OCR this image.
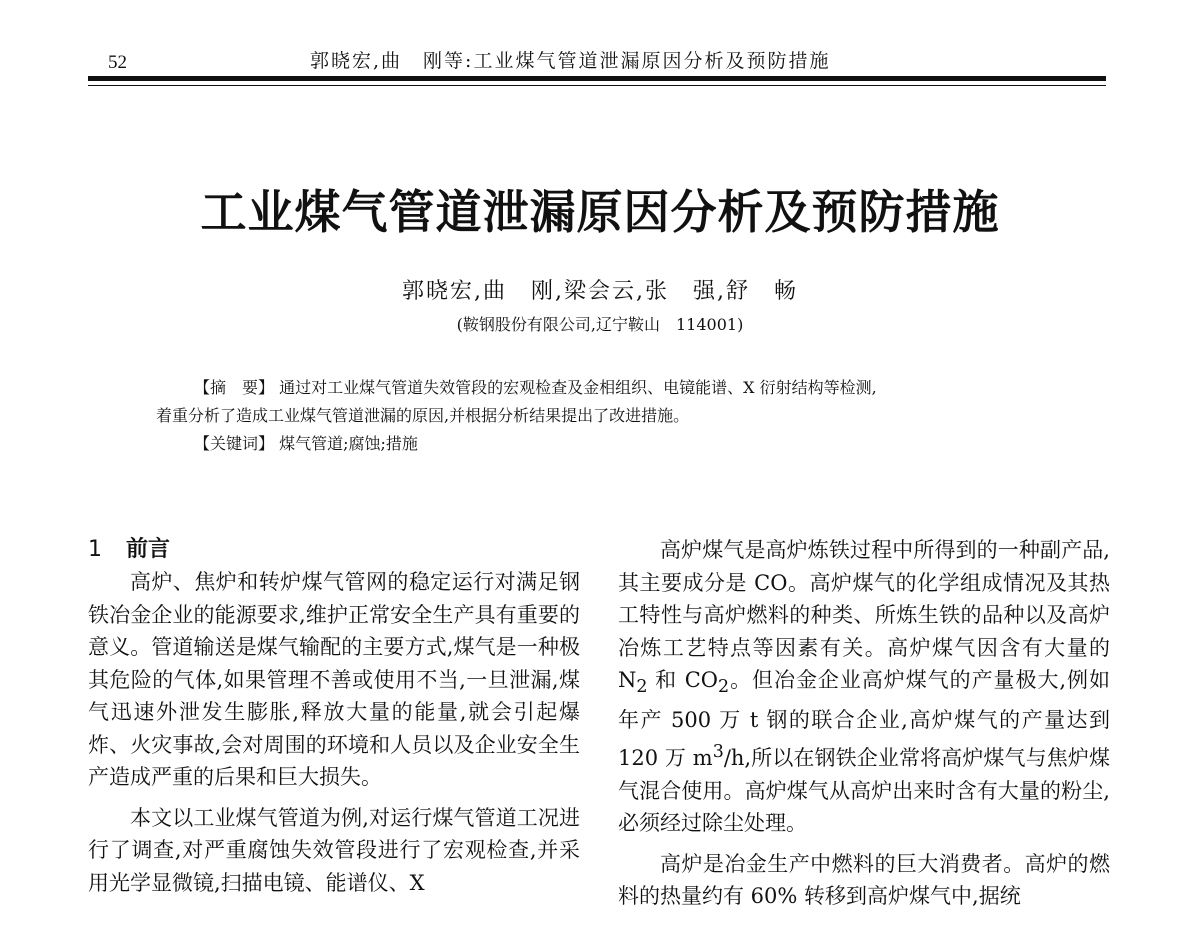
52	郭晓宏,曲　刚等:工业煤气管道泄漏原因分析及预防措施
工业煤气管道泄漏原因分析及预防措施
郭晓宏,曲　刚,梁会云,张　强,舒　畅
(鞍钢股份有限公司,辽宁鞍山　114001)
【摘　要】 通过对工业煤气管道失效管段的宏观检查及金相组织、电镜能谱、X 衍射结构等检测,
着重分析了造成工业煤气管道泄漏的原因,并根据分析结果提出了改进措施。
【关键词】 煤气管道;腐蚀;措施
1 前言
高炉、焦炉和转炉煤气管网的稳定运行对满足钢铁冶金企业的能源要求,维护正常安全生产具有重要的意义。管道输送是煤气输配的主要方式,煤气是一种极其危险的气体,如果管理不善或使用不当,一旦泄漏,煤气迅速外泄发生膨胀,释放大量的能量,就会引起爆炸、火灾事故,会对周围的环境和人员以及企业安全生产造成严重的后果和巨大损失。
本文以工业煤气管道为例,对运行煤气管道工况进行了调查,对严重腐蚀失效管段进行了宏观检查,并采用光学显微镜,扫描电镜、能谱仪、X
高炉煤气是高炉炼铁过程中所得到的一种副产品,其主要成分是 CO。高炉煤气的化学组成情况及其热工特性与高炉燃料的种类、所炼生铁的品种以及高炉冶炼工艺特点等因素有关。高炉煤气因含有大量的 $N_2$ 和 $CO_2$。但冶金企业高炉煤气的产量极大,例如年产 500 万 t 钢的联合企业,高炉煤气的产量达到 120 万 $m^3/h$,所以在钢铁企业常将高炉煤气与焦炉煤气混合使用。高炉煤气从高炉出来时含有大量的粉尘,必须经过除尘处理。
高炉是冶金生产中燃料的巨大消费者。高炉的燃料的热量约有 60% 转移到高炉煤气中,据统
